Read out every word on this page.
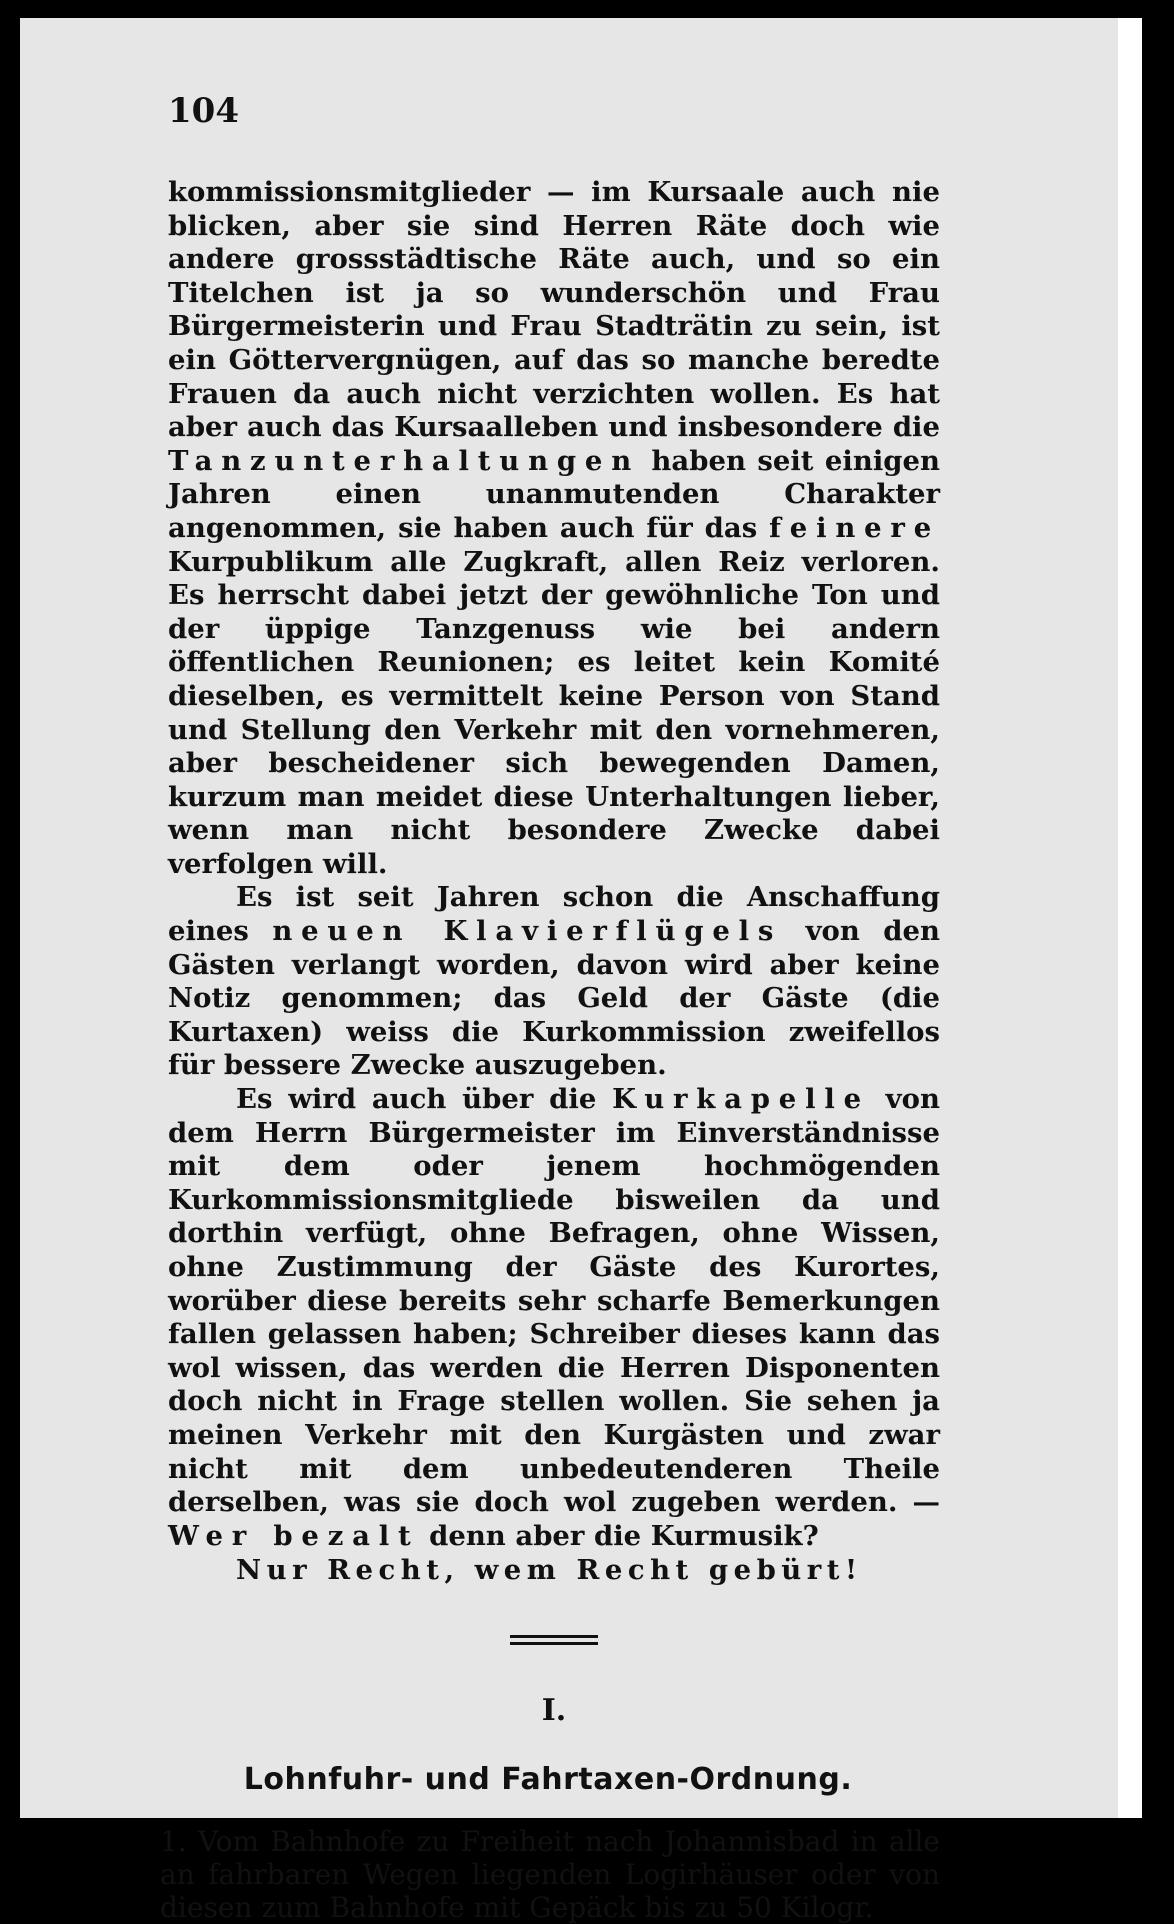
104

kommissionsmitglieder — im Kursaale auch nie blicken, aber sie sind Herren Räte doch wie andere grossstädtische Räte auch, und so ein Titelchen ist ja so wunderschön und Frau Bürgermeisterin und Frau Stadträtin zu sein, ist ein Göttervergnügen, auf das so manche beredte Frauen da auch nicht verzichten wollen. Es hat aber auch das Kursaalleben und insbesondere die Tanzunterhaltungen haben seit einigen Jahren einen unanmutenden Charakter angenommen, sie haben auch für das feinere Kurpublikum alle Zugkraft, allen Reiz verloren. Es herrscht dabei jetzt der gewöhnliche Ton und der üppige Tanzgenuss wie bei andern öffentlichen Reunionen; es leitet kein Komité dieselben, es vermittelt keine Person von Stand und Stellung den Verkehr mit den vornehmeren, aber bescheidener sich bewegenden Damen, kurzum man meidet diese Unterhaltungen lieber, wenn man nicht besondere Zwecke dabei verfolgen will.

Es ist seit Jahren schon die Anschaffung eines neuen Klavierflügels von den Gästen verlangt worden, davon wird aber keine Notiz genommen; das Geld der Gäste (die Kurtaxen) weiss die Kurkommission zweifellos für bessere Zwecke auszugeben.

Es wird auch über die Kurkapelle von dem Herrn Bürgermeister im Einverständnisse mit dem oder jenem hochmögenden Kurkommissionsmitgliede bisweilen da und dorthin verfügt, ohne Befragen, ohne Wissen, ohne Zustimmung der Gäste des Kurortes, worüber diese bereits sehr scharfe Bemerkungen fallen gelassen haben; Schreiber dieses kann das wol wissen, das werden die Herren Disponenten doch nicht in Frage stellen wollen. Sie sehen ja meinen Verkehr mit den Kurgästen und zwar nicht mit dem unbedeutenderen Theile derselben, was sie doch wol zugeben werden. — Wer bezalt denn aber die Kurmusik?

Nur Recht, wem Recht gebürt!

I.
Lohnfuhr- und Fahrtaxen-Ordnung.

1. Vom Bahnhofe zu Freiheit nach Johannisbad in alle an fahrbaren Wegen liegenden Logirhäuser oder von diesen zum Bahnhofe mit Gepäck bis zu 50 Kilogr.
